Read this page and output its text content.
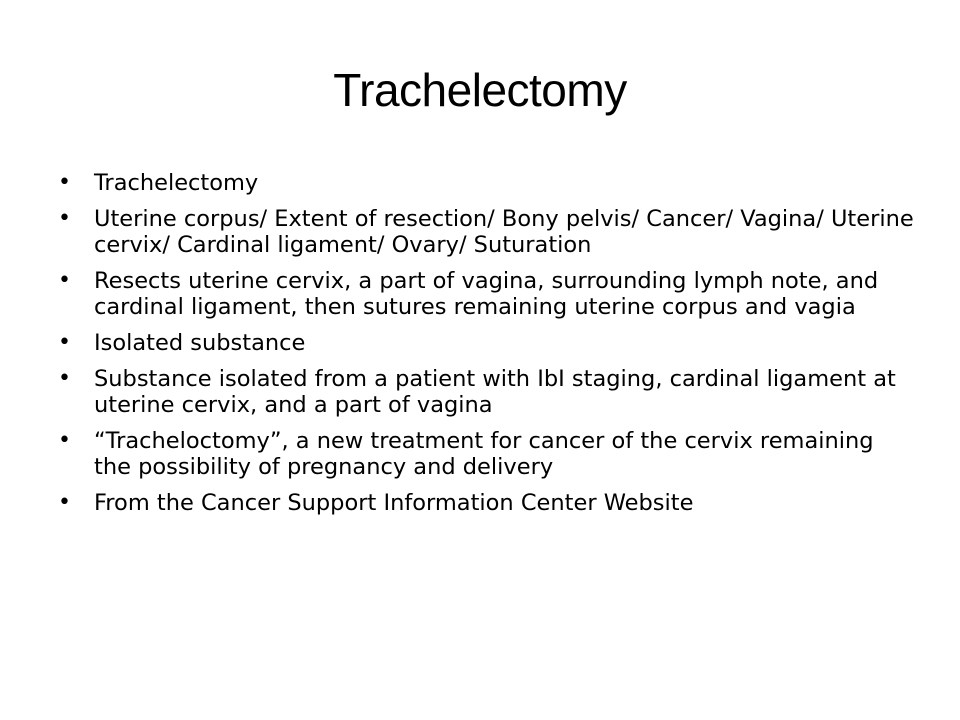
Trachelectomy
• Trachelectomy
• Uterine corpus/ Extent of resection/ Bony pelvis/ Cancer/ Vagina/ Uterine cervix/ Cardinal ligament/ Ovary/ Suturation
• Resects uterine cervix, a part of vagina, surrounding lymph note, and cardinal ligament, then sutures remaining uterine corpus and vagia
• Isolated substance
• Substance isolated from a patient with IbI staging, cardinal ligament at uterine cervix, and a part of vagina
• “Tracheloctomy”, a new treatment for cancer of the cervix remaining the possibility of pregnancy and delivery
• From the Cancer Support Information Center Website
